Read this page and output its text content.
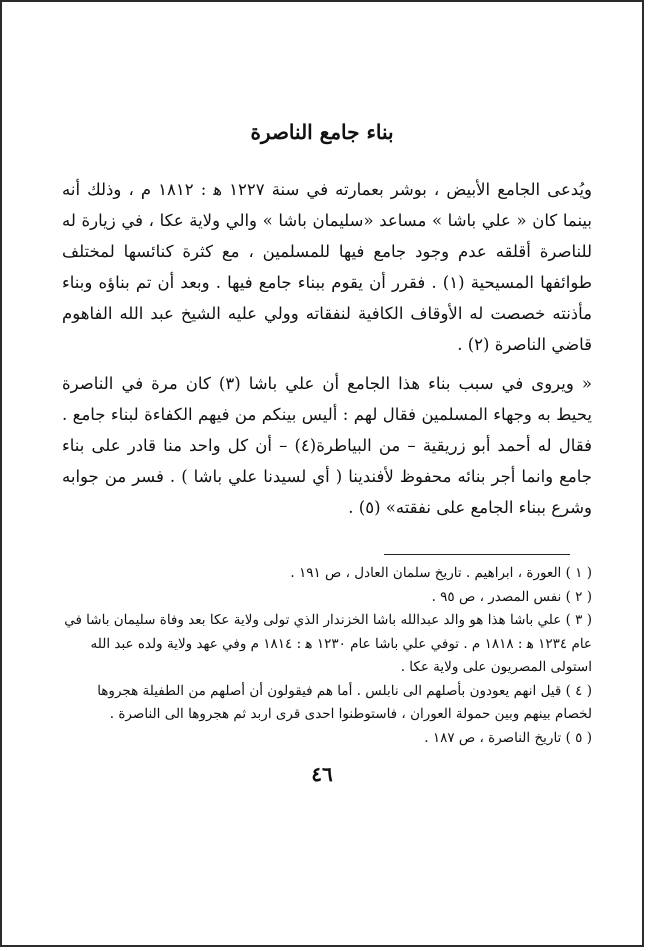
بناء جامع الناصرة

ويُدعى الجامع الأبيض ، بوشر بعمارته في سنة ١٢٢٧ ﻫ : ١٨١٢ م ، وذلك أنه بينما كان « علي باشا » مساعد «سليمان باشا » والي ولاية عكا ، في زيارة له للناصرة أقلقه عدم وجود جامع فيها للمسلمين ، مع كثرة كنائسها لمختلف طوائفها المسيحية (١) . فقرر أن يقوم ببناء جامع فيها . وبعد أن تم بناؤه وبناء مأذنته خصصت له الأوقاف الكافية لنفقاته وولي عليه الشيخ عبد الله الفاهوم قاضي الناصرة (٢) .

« ويروى في سبب بناء هذا الجامع أن علي باشا (٣) كان مرة في الناصرة يحيط به وجهاء المسلمين فقال لهم : أليس بينكم من فيهم الكفاءة لبناء جامع . فقال له أحمد أبو زريقية – من البياطرة(٤) – أن كل واحد منا قادر على بناء جامع وانما أجر بنائه محفوظ لأفندينا ( أي لسيدنا علي باشا ) . فسر من جوابه وشرع ببناء الجامع على نفقته» (٥) .

( ١ ) العورة ، ابراهيم . تاريخ سلمان العادل ، ص ١٩١ .

( ٢ ) نفس المصدر ، ص ٩٥ .

( ٣ ) علي باشا هذا هو والد عبدالله باشا الخزندار الذي تولى ولاية عكا بعد وفاة سليمان باشا في عام ١٢٣٤ ﻫ : ١٨١٨ م . توفي علي باشا عام ١٢٣٠ ﻫ : ١٨١٤ م وفي عهد ولاية ولده عبد الله استولى المصريون على ولاية عكا .

( ٤ ) قيل انهم يعودون بأصلهم الى نابلس . أما هم فيقولون أن أصلهم من الطفيلة هجروها لخصام بينهم وبين حمولة العوران ، فاستوطنوا احدى قرى اربد ثم هجروها الى الناصرة .

( ٥ ) تاريخ الناصرة ، ص ١٨٧ .

٤٦
